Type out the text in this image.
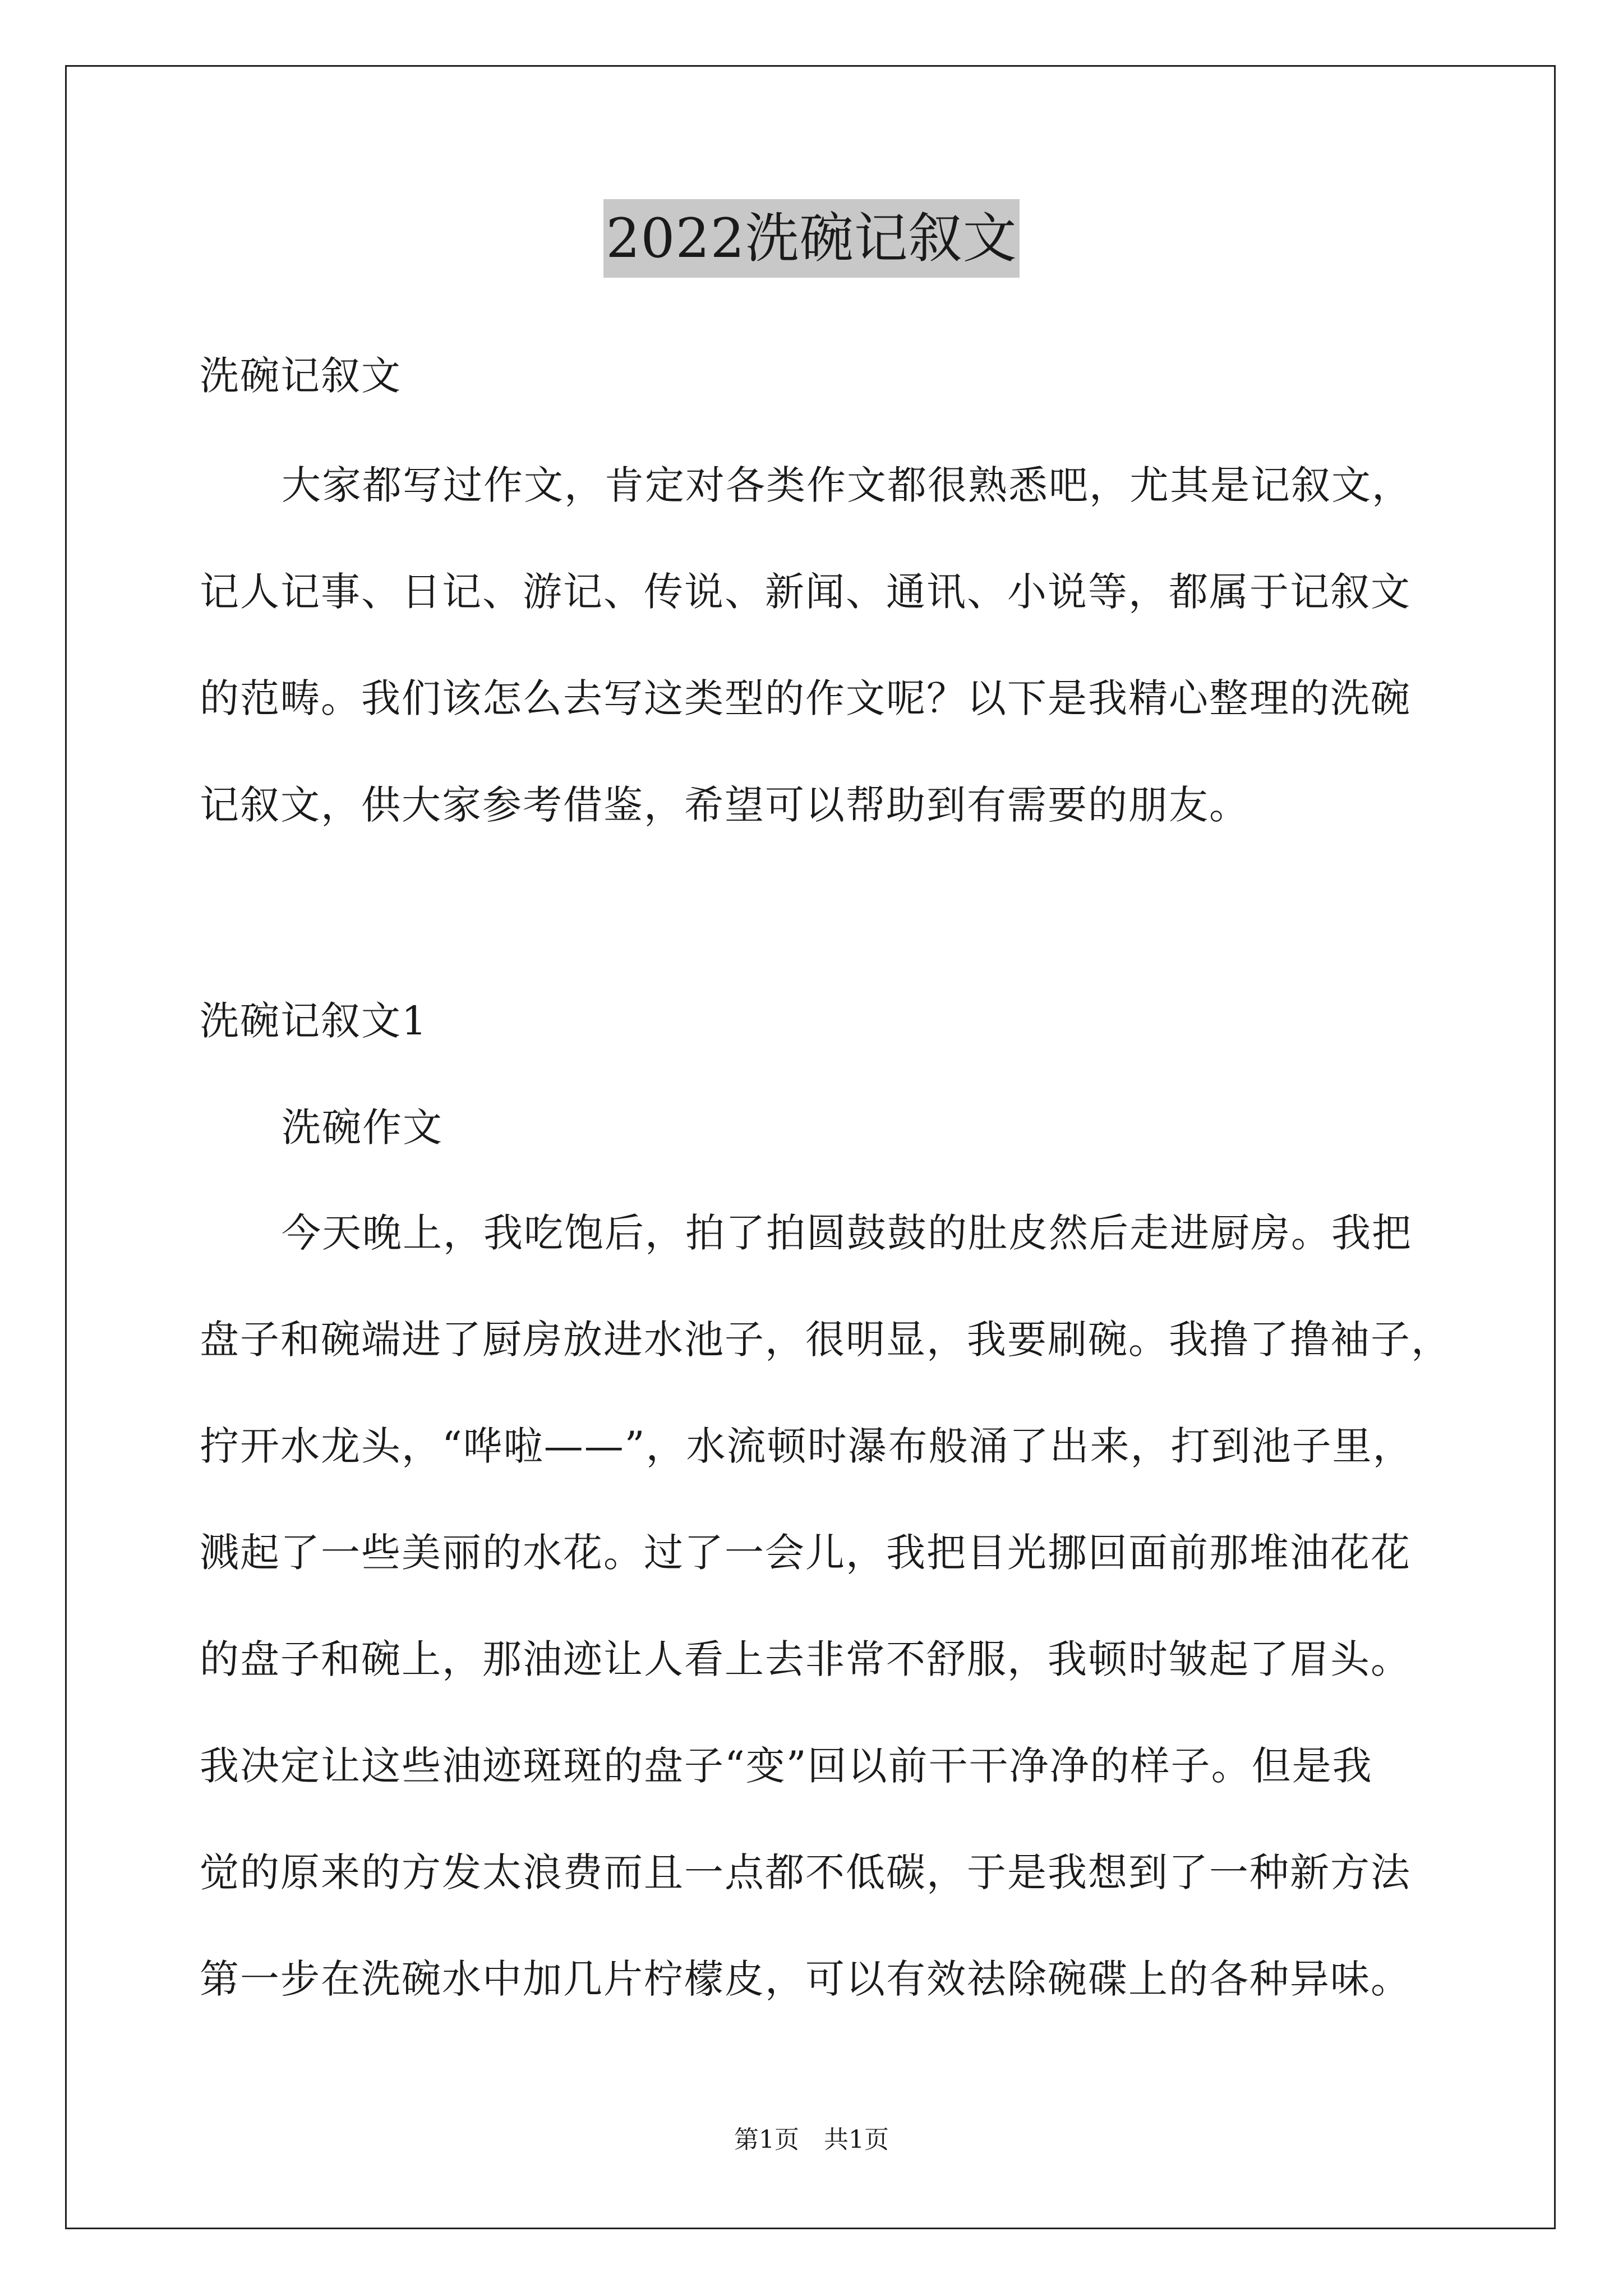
2022洗碗记叙文
洗碗记叙文
大家都写过作文，肯定对各类作文都很熟悉吧，尤其是记叙文，
记人记事、日记、游记、传说、新闻、通讯、小说等，都属于记叙文
的范畴。我们该怎么去写这类型的作文呢？以下是我精心整理的洗碗
记叙文，供大家参考借鉴，希望可以帮助到有需要的朋友。
洗碗记叙文1
洗碗作文
今天晚上，我吃饱后，拍了拍圆鼓鼓的肚皮然后走进厨房。我把
盘子和碗端进了厨房放进水池子，很明显，我要刷碗。我撸了撸袖子，
拧开水龙头，“哗啦——”，水流顿时瀑布般涌了出来，打到池子里，
溅起了一些美丽的水花。过了一会儿，我把目光挪回面前那堆油花花
的盘子和碗上，那油迹让人看上去非常不舒服，我顿时皱起了眉头。
我决定让这些油迹斑斑的盘子“变”回以前干干净净的样子。但是我
觉的原来的方发太浪费而且一点都不低碳，于是我想到了一种新方法
第一步在洗碗水中加几片柠檬皮，可以有效祛除碗碟上的各种异味。
第1页　共1页
